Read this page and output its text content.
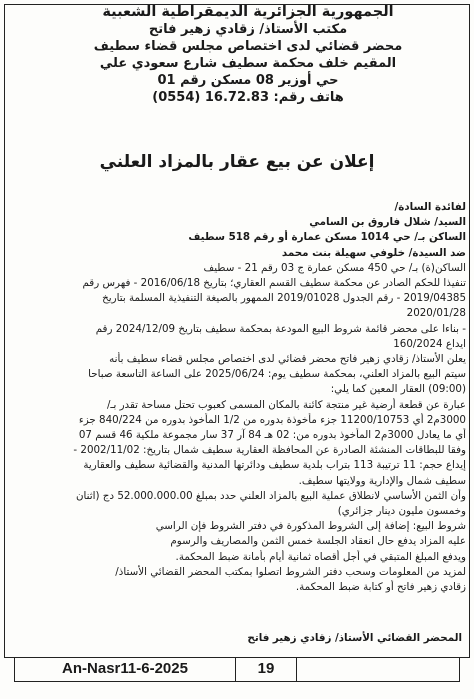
الجمهورية الجزائرية الديمقراطية الشعبية
مكتب الأستاذ/ زقادي زهير فاتح
محضر قضائي لدى اختصاص مجلس قضاء سطيف
المقيم خلف محكمة سطيف شارع سعودي علي
حي أوزير 08 مسكن رقم 01
هاتف رقم: 16.72.83 (0554)
إعلان عن بيع عقار بالمزاد العلني
لفائدة السادة/
السيد/ شلال فاروق بن السامي
الساكن بـ/ حي 1014 مسكن عمارة أو رقم 518 سطيف
ضد السيدة/ خلوفي سهيلة بنت محمد
الساكن(ة) بـ/ حي 450 مسكن عمارة ج 03 رقم 21 - سطيف
تنفيذا للحكم الصادر عن محكمة سطيف القسم العقاري؛ بتاريخ 2016/06/18 - فهرس رقم
2019/04385 - رقم الجدول 2019/01028 الممهور بالصيغة التنفيذية المسلمة بتاريخ
2020/01/28
- بناءا على محضر قائمة شروط البيع المودعة بمحكمة سطيف بتاريخ 2024/12/09 رقم
ايداع 160/2024
يعلن الأستاذ/ زقادي زهير فاتح محضر قضائي لدى اختصاص مجلس قضاء سطيف بأنه
سيتم البيع بالمزاد العلني، بمحكمة سطيف يوم: 2025/06/24 على الساعة التاسعة صباحا
(09:00) العقار المعين كما يلي:
عبارة عن قطعة أرضية غير منتجة كائنة بالمكان المسمى كعبوب تحتل مساحة تقدر بـ/
3000م2 أي 11200/10753 جزء مأخوذة بدوره من 1/2 المأخوذ بدوره من 840/224 جزء
أي ما يعادل 3000م2 المأخوذ بدوره من: 02 هـ 84 آر 37 سار مجموعة ملكية 46 قسم 07
وفقا للبطاقات المنشئة الصادرة عن المحافظة العقارية سطيف شمال بتاريخ: 2002/11/02 -
إيداع حجم: 11 ترتيبة 113 بتراب بلدية سطيف ودائرتها المدنية والقضائية سطيف والعقارية
سطيف شمال والإدارية وولايتها سطيف.
وأن الثمن الأساسي لانطلاق عملية البيع بالمزاد العلني حدد بمبلغ 52.000.000.00 دج (اثنان
وخمسون مليون دينار جزائري)
شروط البيع: إضافة إلى الشروط المذكورة في دفتر الشروط فإن الراسي
عليه المزاد يدفع حال انعقاد الجلسة خمس الثمن والمصاريف والرسوم
ويدفع المبلغ المتبقي في أجل أقصاه ثمانية أيام بأمانة ضبط المحكمة.
لمزيد من المعلومات وسحب دفتر الشروط اتصلوا بمكتب المحضر القضائي الأستاذ/
زقادي زهير فاتح أو كتابة ضبط المحكمة.
المحضر القضائي الأستاذ/ زقادي زهير فاتح
An-Nasr11-6-2025	19
